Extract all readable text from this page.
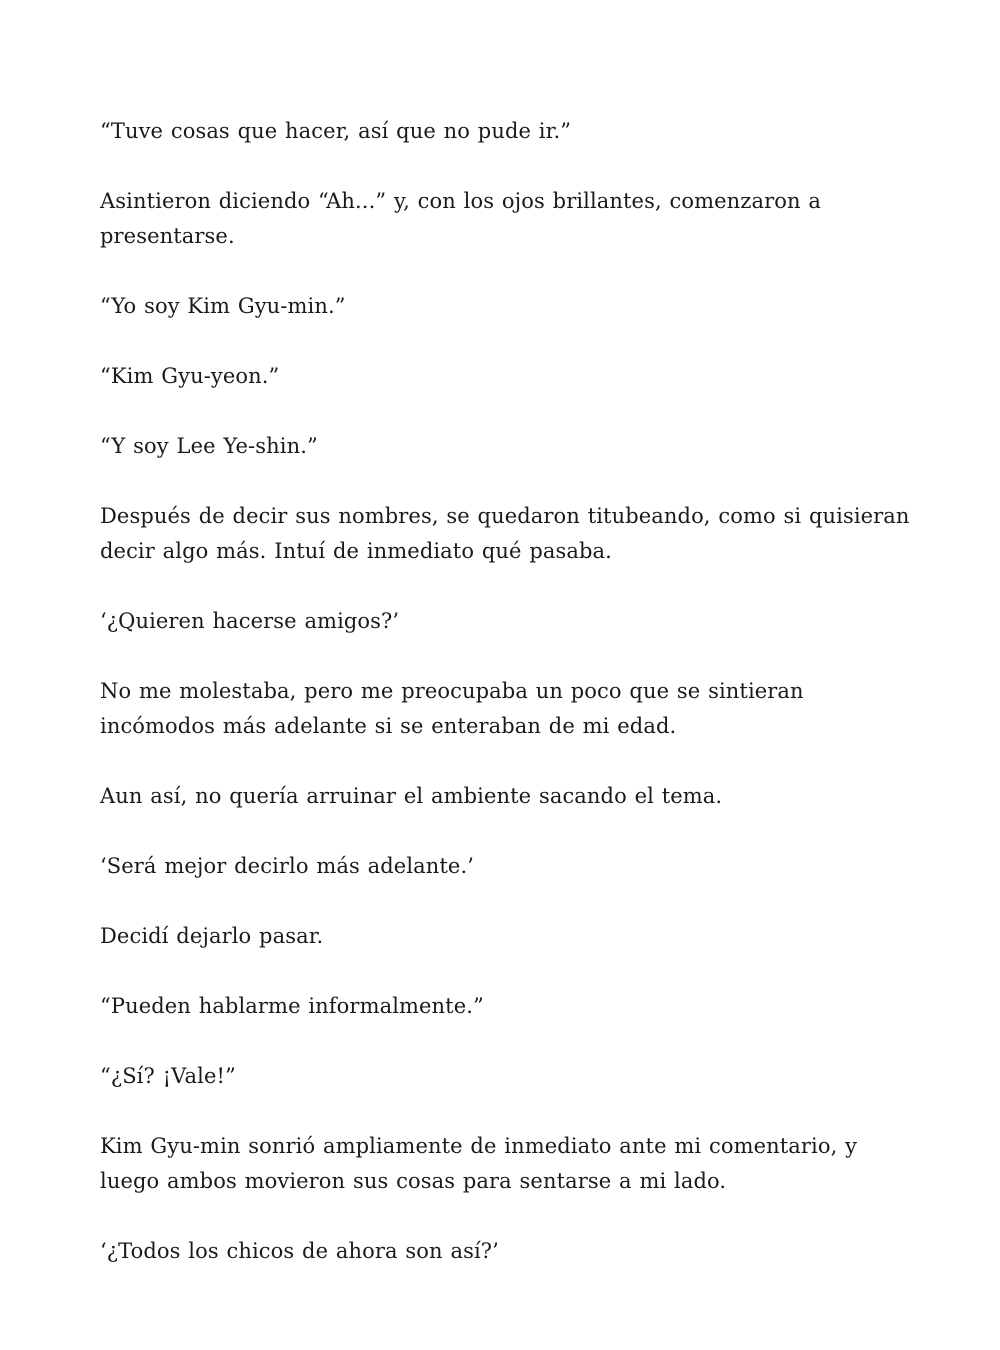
“Tuve cosas que hacer, así que no pude ir.”

Asintieron diciendo “Ah...” y, con los ojos brillantes, comenzaron a presentarse.

“Yo soy Kim Gyu-min.”

“Kim Gyu-yeon.”

“Y soy Lee Ye-shin.”

Después de decir sus nombres, se quedaron titubeando, como si quisieran decir algo más. Intuí de inmediato qué pasaba.

‘¿Quieren hacerse amigos?’

No me molestaba, pero me preocupaba un poco que se sintieran incómodos más adelante si se enteraban de mi edad.

Aun así, no quería arruinar el ambiente sacando el tema.

‘Será mejor decirlo más adelante.’

Decidí dejarlo pasar.

“Pueden hablarme informalmente.”

“¿Sí? ¡Vale!”

Kim Gyu-min sonrió ampliamente de inmediato ante mi comentario, y luego ambos movieron sus cosas para sentarse a mi lado.

‘¿Todos los chicos de ahora son así?’
